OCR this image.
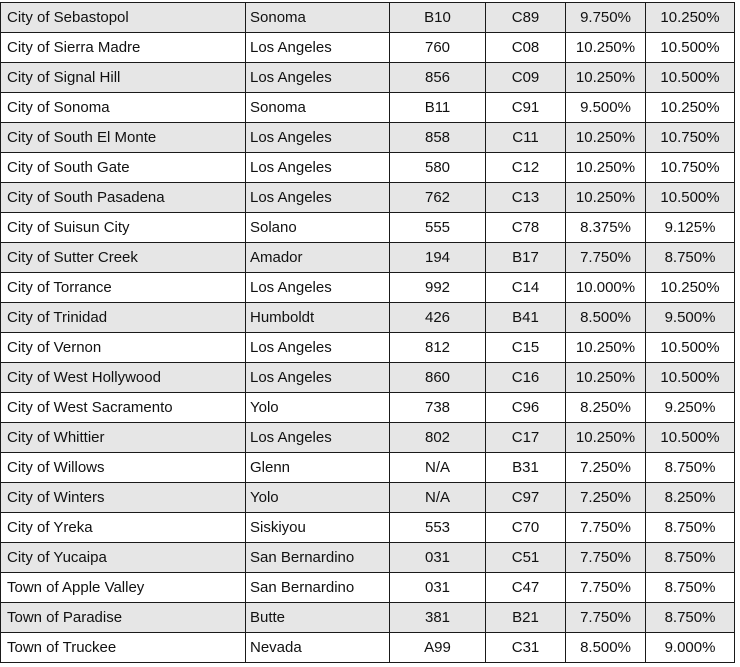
City of Sebastopol	Sonoma	B10	C89	9.750%	10.250%
City of Sierra Madre	Los Angeles	760	C08	10.250%	10.500%
City of Signal Hill	Los Angeles	856	C09	10.250%	10.500%
City of Sonoma	Sonoma	B11	C91	9.500%	10.250%
City of South El Monte	Los Angeles	858	C11	10.250%	10.750%
City of South Gate	Los Angeles	580	C12	10.250%	10.750%
City of South Pasadena	Los Angeles	762	C13	10.250%	10.500%
City of Suisun City	Solano	555	C78	8.375%	9.125%
City of Sutter Creek	Amador	194	B17	7.750%	8.750%
City of Torrance	Los Angeles	992	C14	10.000%	10.250%
City of Trinidad	Humboldt	426	B41	8.500%	9.500%
City of Vernon	Los Angeles	812	C15	10.250%	10.500%
City of West Hollywood	Los Angeles	860	C16	10.250%	10.500%
City of West Sacramento	Yolo	738	C96	8.250%	9.250%
City of Whittier	Los Angeles	802	C17	10.250%	10.500%
City of Willows	Glenn	N/A	B31	7.250%	8.750%
City of Winters	Yolo	N/A	C97	7.250%	8.250%
City of Yreka	Siskiyou	553	C70	7.750%	8.750%
City of Yucaipa	San Bernardino	031	C51	7.750%	8.750%
Town of Apple Valley	San Bernardino	031	C47	7.750%	8.750%
Town of Paradise	Butte	381	B21	7.750%	8.750%
Town of Truckee	Nevada	A99	C31	8.500%	9.000%
